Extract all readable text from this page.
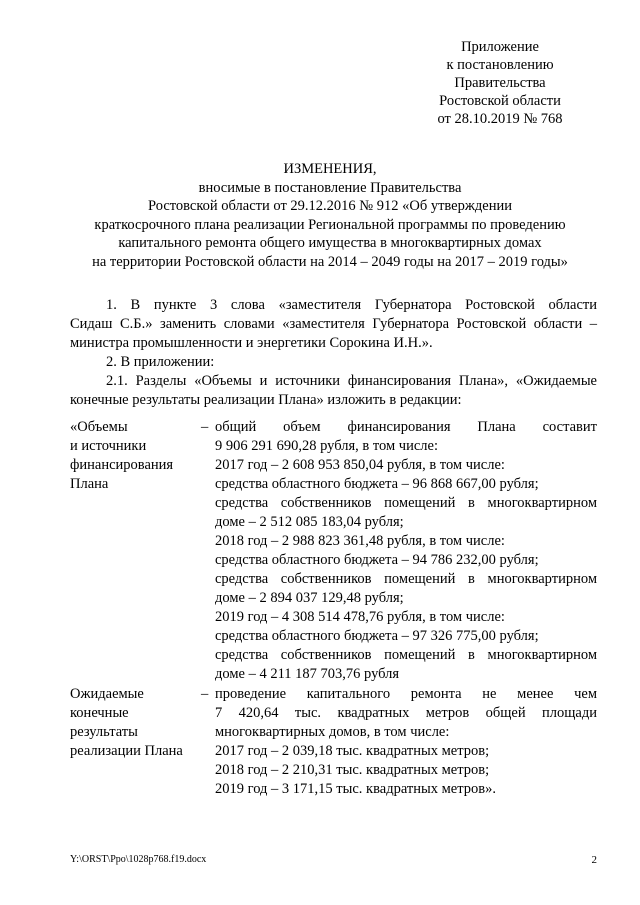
Приложение
к постановлению
Правительства
Ростовской области
от 28.10.2019 № 768
ИЗМЕНЕНИЯ,
вносимые в постановление Правительства
Ростовской области от 29.12.2016 № 912 «Об утверждении
краткосрочного плана реализации Региональной программы по проведению
капитального ремонта общего имущества в многоквартирных домах
на территории Ростовской области на 2014 – 2049 годы на 2017 – 2019 годы»
1. В пункте 3 слова «заместителя Губернатора Ростовской области
Сидаш С.Б.» заменить словами «заместителя Губернатора Ростовской области –
министра промышленности и энергетики Сорокина И.Н.».
2. В приложении:
2.1. Разделы «Объемы и источники финансирования Плана», «Ожидаемые
конечные результаты реализации Плана» изложить в редакции:
«Объемы
и источники
финансирования
Плана
– общий объем финансирования Плана составит
9 906 291 690,28 рубля, в том числе:
2017 год – 2 608 953 850,04 рубля, в том числе:
средства областного бюджета – 96 868 667,00 рубля;
средства собственников помещений в многоквартирном
доме – 2 512 085 183,04 рубля;
2018 год – 2 988 823 361,48 рубля, в том числе:
средства областного бюджета – 94 786 232,00 рубля;
средства собственников помещений в многоквартирном
доме – 2 894 037 129,48 рубля;
2019 год – 4 308 514 478,76 рубля, в том числе:
средства областного бюджета – 97 326 775,00 рубля;
средства собственников помещений в многоквартирном
доме – 4 211 187 703,76 рубля
Ожидаемые
конечные
результаты
реализации Плана
– проведение капитального ремонта не менее чем
7 420,64 тыс. квадратных метров общей площади
многоквартирных домов, в том числе:
2017 год – 2 039,18 тыс. квадратных метров;
2018 год – 2 210,31 тыс. квадратных метров;
2019 год – 3 171,15 тыс. квадратных метров».
Y:\ORST\Ppo\1028p768.f19.docx	2
